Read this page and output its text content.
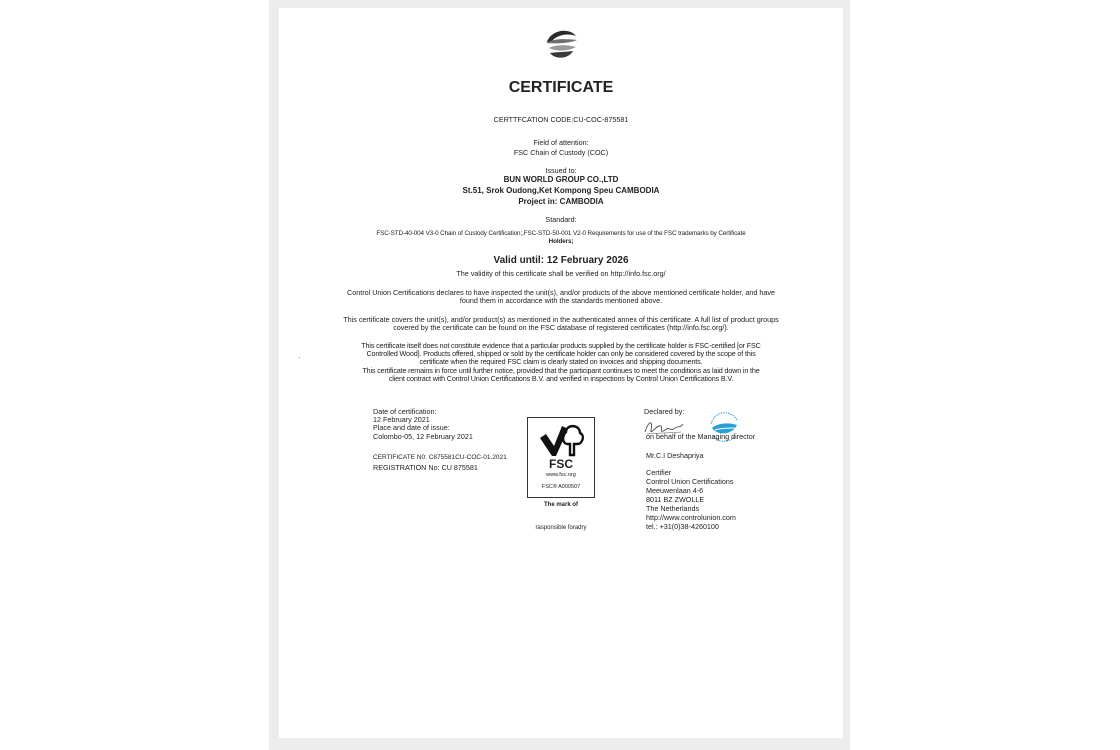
CERTIFICATE
CERTTFCATION CODE:CU-COC-875581
Field of attention:
FSC Chain of Custody (COC)
Issued to:
BUN WORLD GROUP CO.,LTD
St.51, Srok Oudong,Ket Kompong Speu CAMBODIA
Project in: CAMBODIA
Standard:
FSC-STD-40-004 V3-0 Chain of Custody Certification;,FSC-STD-50-001 V2-0 Requirements for use of the FSC trademarks by Certificate
Holders;
Valid until: 12 February 2026
The validity of this certificate shall be verified on http://info.fsc.org/
Control Union Certifications declares to have inspected the unit(s), and/or products of the above mentioned certificate holder, and have
found them in accordance with the standards mentioned above.
This certificate covers the unit(s), and/or product(s) as mentioned in the authenticated annex of this certificate. A full list of product groups
covered by the certificate can be found on the FSC database of registered certificates (http://info.fsc.org/).
This certificate itself does not constitute evidence that a particular products supplied by the certificate holder is FSC-certified [or FSC
Controlled Wood]. Products offered, shipped or sold by the certificate holder can only be considered covered by the scope of this
certificate when the required FSC claim is clearly stated on invoices and shipping documents.
This certificate remains in force until further notice, provided that the participant continues to meet the conditions as laid down in the
client contract with Control Union Certifications B.V. and verified in inspections by Control Union Certifications B.V.
Date of certification:
12 February 2021
Place and date of issue:
Colombo-05, 12 February 2021
CERTIFICATE N0: C875581CU-COC-01.2021
REGISTRATION No: CU 875581	FSC
www.fsc.org
FSC® A000507
The mark of
rasponsible foradry
Declared by:
on behalf of the Managing director
Mr.C.I Deshapriya
Certifier
Control Union Certifications
Meeuwenlaan 4-6
8011 BZ ZWOLLE
The Netherlands
http://www.controlunion.com
tel.: +31(0)38-4260100
